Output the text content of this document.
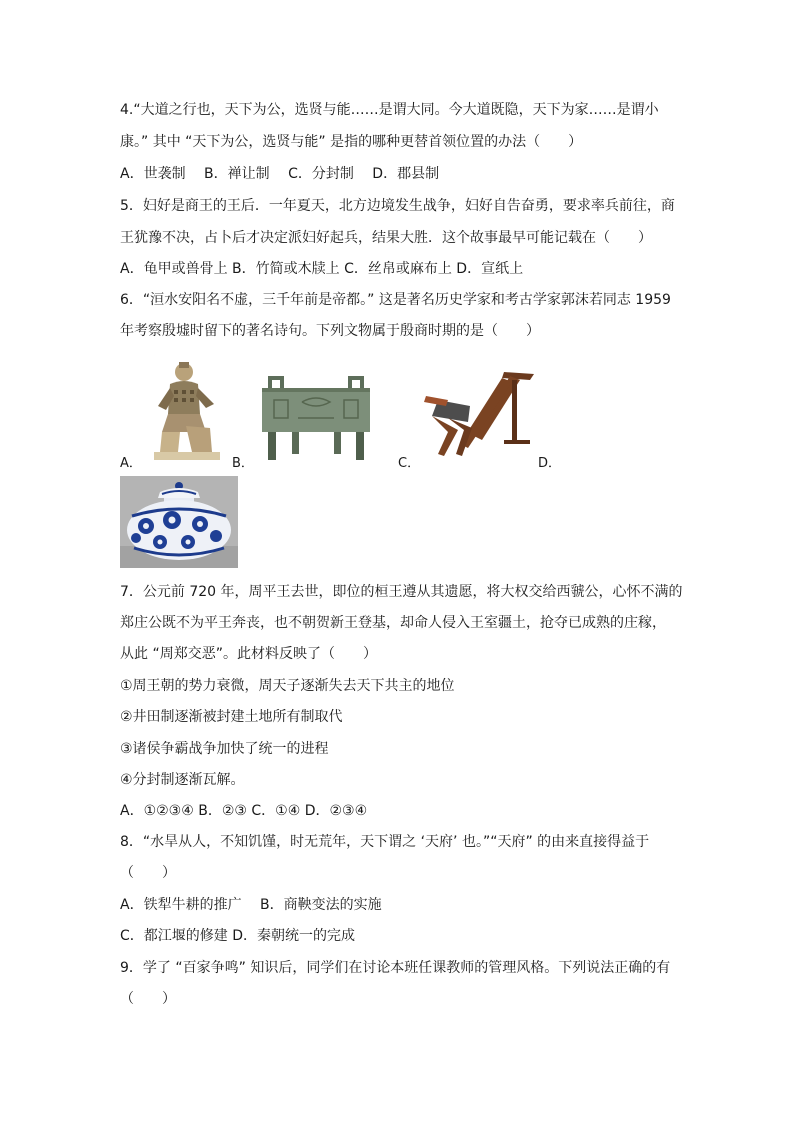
4.“大道之行也，天下为公，选贤与能……是谓大同。今大道既隐，天下为家……是谓小
康。” 其中 “天下为公，选贤与能” 是指的哪种更替首领位置的办法（　　）
A．世袭制　 B．禅让制　 C．分封制　 D．郡县制
5．妇好是商王的王后．一年夏天，北方边境发生战争，妇好自告奋勇，要求率兵前往，商
王犹豫不决，占卜后才决定派妇好起兵，结果大胜．这个故事最早可能记载在（　　）
A．龟甲或兽骨上 B．竹简或木牍上 C．丝帛或麻布上 D．宣纸上
6．“洹水安阳名不虚，三千年前是帝都。” 这是著名历史学家和考古学家郭沫若同志 1959
年考察殷墟时留下的著名诗句。下列文物属于殷商时期的是（　　）
A．	B．	C．	D．
7．公元前 720 年，周平王去世，即位的桓王遵从其遗愿，将大权交给西虢公，心怀不满的
郑庄公既不为平王奔丧，也不朝贺新王登基，却命人侵入王室疆土，抢夺已成熟的庄稼，
从此 “周郑交恶”。此材料反映了（　　）
①周王朝的势力衰微，周天子逐渐失去天下共主的地位
②井田制逐渐被封建土地所有制取代
③诸侯争霸战争加快了统一的进程
④分封制逐渐瓦解。
A．①②③④ B．②③ C．①④ D．②③④
8．“水旱从人，不知饥馑，时无荒年，天下谓之 ‘天府’ 也。”“天府” 的由来直接得益于
（　　）
A．铁犁牛耕的推广　 B．商鞅变法的实施
C．都江堰的修建 D．秦朝统一的完成
9．学了 “百家争鸣” 知识后，同学们在讨论本班任课教师的管理风格。下列说法正确的有
（　　）
